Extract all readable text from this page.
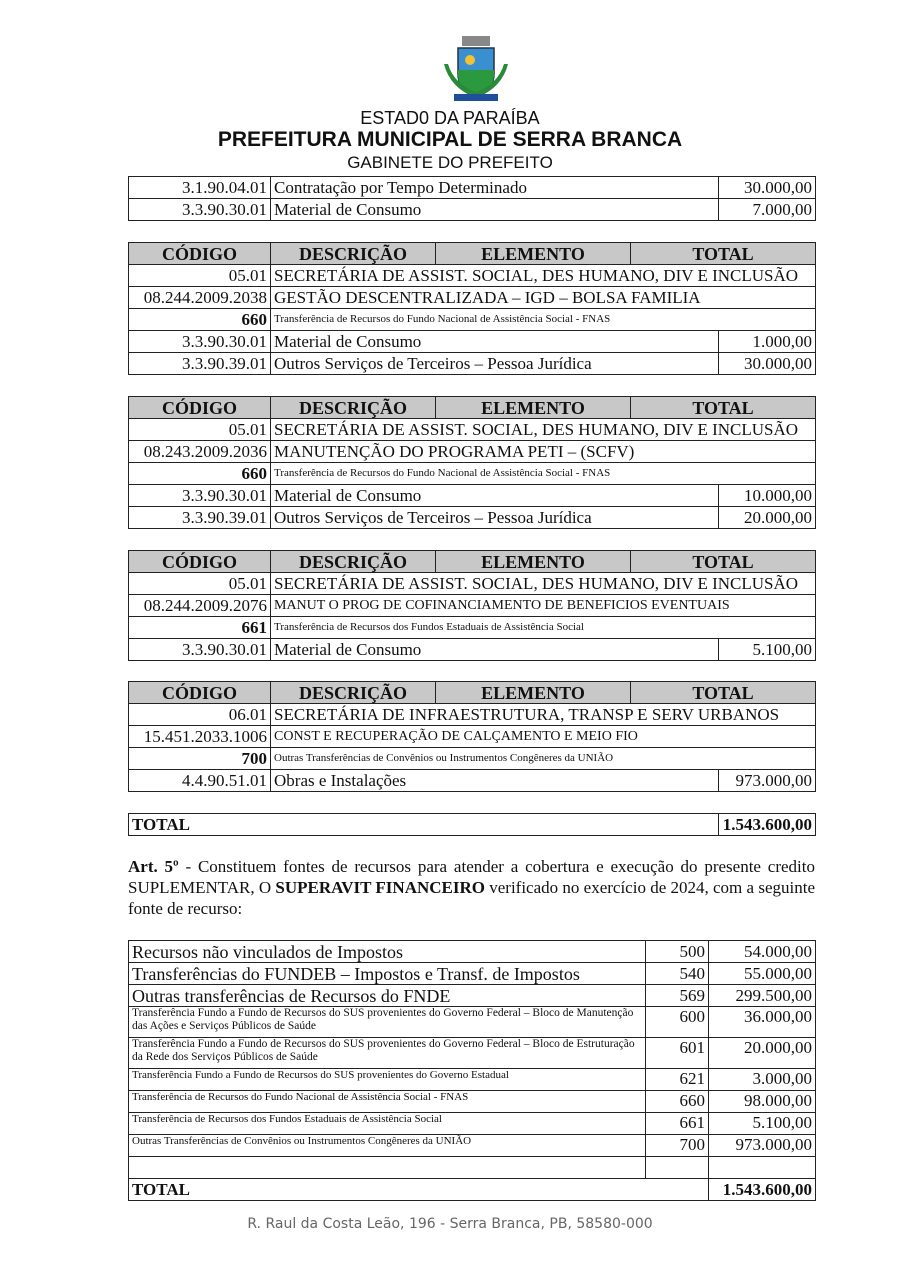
ESTAD0 DA PARAÍBA
PREFEITURA MUNICIPAL DE SERRA BRANCA
GABINETE DO PREFEITO
3.1.90.04.01	Contratação por Tempo Determinado	30.000,00
3.3.90.30.01	Material de Consumo	7.000,00
CÓDIGO	DESCRIÇÃO	ELEMENTO	TOTAL	
05.01	SECRETÁRIA DE ASSIST. SOCIAL, DES HUMANO, DIV E INCLUSÃO			
08.244.2009.2038	GESTÃO DESCENTRALIZADA – IGD – BOLSA FAMILIA			
660	Transferência de Recursos do Fundo Nacional de Assistência Social - FNAS			
3.3.90.30.01	Material de Consumo			1.000,00
3.3.90.39.01	Outros Serviços de Terceiros – Pessoa Jurídica			30.000,00
CÓDIGO	DESCRIÇÃO	ELEMENTO	TOTAL	
05.01	SECRETÁRIA DE ASSIST. SOCIAL, DES HUMANO, DIV E INCLUSÃO			
08.243.2009.2036	MANUTENÇÃO DO PROGRAMA PETI – (SCFV)			
660	Transferência de Recursos do Fundo Nacional de Assistência Social - FNAS			
3.3.90.30.01	Material de Consumo			10.000,00
3.3.90.39.01	Outros Serviços de Terceiros – Pessoa Jurídica			20.000,00
CÓDIGO	DESCRIÇÃO	ELEMENTO	TOTAL	
05.01	SECRETÁRIA DE ASSIST. SOCIAL, DES HUMANO, DIV E INCLUSÃO			
08.244.2009.2076	MANUT O PROG DE COFINANCIAMENTO DE BENEFICIOS EVENTUAIS			
661	Transferência de Recursos dos Fundos Estaduais de Assistência Social			
3.3.90.30.01	Material de Consumo			5.100,00
CÓDIGO	DESCRIÇÃO	ELEMENTO	TOTAL	
06.01	SECRETÁRIA DE INFRAESTRUTURA, TRANSP E SERV URBANOS			
15.451.2033.1006	CONST E RECUPERAÇÃO DE CALÇAMENTO E MEIO FIO			
700	Outras Transferências de Convênios ou Instrumentos Congêneres da UNIÃO			
4.4.90.51.01	Obras e Instalações			973.000,00
TOTAL	1.543.600,00
Recursos não vinculados de Impostos	500	54.000,00
Transferências do FUNDEB – Impostos e Transf. de Impostos	540	55.000,00
Outras transferências de Recursos do FNDE	569	299.500,00
Transferência Fundo a Fundo de Recursos do SUS provenientes do Governo Federal – Bloco de Manutenção das Ações e Serviços Públicos de Saúde	600	36.000,00
Transferência Fundo a Fundo de Recursos do SUS provenientes do Governo Federal – Bloco de Estruturação da Rede dos Serviços Públicos de Saúde	601	20.000,00
Transferência Fundo a Fundo de Recursos do SUS provenientes do Governo Estadual	621	3.000,00
Transferência de Recursos do Fundo Nacional de Assistência Social - FNAS	660	98.000,00
Transferência de Recursos dos Fundos Estaduais de Assistência Social	661	5.100,00
Outras Transferências de Convênios ou Instrumentos Congêneres da UNIÃO	700	973.000,00

TOTAL		1.543.600,00
Art. 5º - Constituem fontes de recursos para atender a cobertura e execução do presente credito SUPLEMENTAR, O SUPERAVIT FINANCEIRO verificado no exercício de 2024, com a seguinte fonte de recurso:
R. Raul da Costa Leão, 196 - Serra Branca, PB, 58580-000
